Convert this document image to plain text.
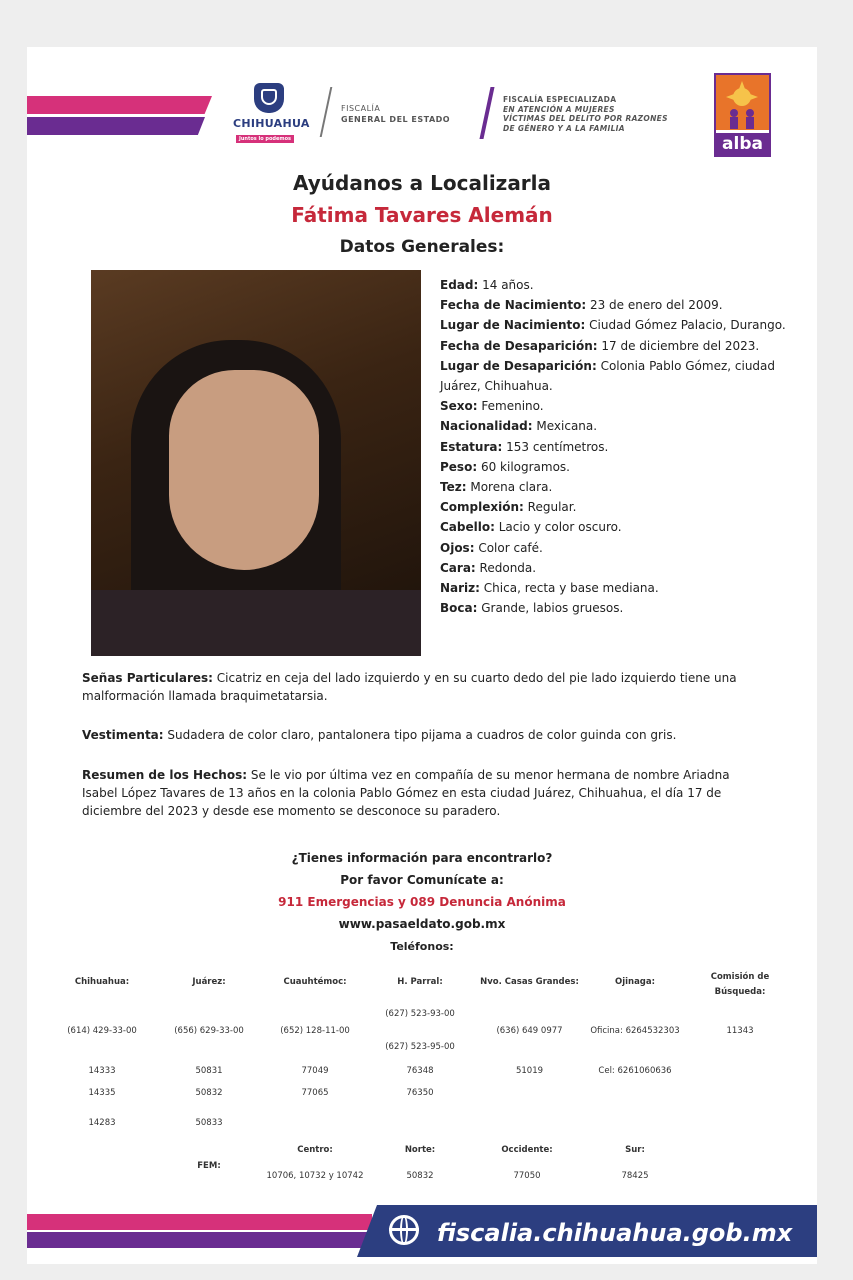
CHIHUAHUA
Juntos lo podemos
FISCALÍA
GENERAL DEL ESTADO
FISCALÍA ESPECIALIZADA
EN ATENCIÓN A MUJERES
VÍCTIMAS DEL DELITO POR RAZONES
DE GÉNERO Y A LA FAMILIA
alba
Ayúdanos a Localizarla
Fátima Tavares Alemán
Datos Generales:
Edad: 14 años.
Fecha de Nacimiento: 23 de enero del 2009.
Lugar de Nacimiento: Ciudad Gómez Palacio, Durango.
Fecha de Desaparición: 17 de diciembre del 2023.
Lugar de Desaparición: Colonia Pablo Gómez, ciudad Juárez, Chihuahua.
Sexo: Femenino.
Nacionalidad: Mexicana.
Estatura: 153 centímetros.
Peso: 60 kilogramos.
Tez: Morena clara.
Complexión: Regular.
Cabello: Lacio y color oscuro.
Ojos: Color café.
Cara: Redonda.
Nariz: Chica, recta y base mediana.
Boca: Grande, labios gruesos.
Señas Particulares: Cicatriz en ceja del lado izquierdo y en su cuarto dedo del pie lado izquierdo tiene una malformación llamada braquimetatarsia.
Vestimenta: Sudadera de color claro, pantalonera tipo pijama a cuadros de color guinda con gris.
Resumen de los Hechos: Se le vio por última vez en compañía de su menor hermana de nombre Ariadna Isabel López Tavares de 13 años en la colonia Pablo Gómez en esta ciudad Juárez, Chihuahua, el día 17 de diciembre del 2023 y desde ese momento se desconoce su paradero.
¿Tienes información para encontrarlo?
Por favor Comunícate a:
911 Emergencias y 089 Denuncia Anónima
www.pasaeldato.gob.mx
Teléfonos:
Chihuahua:
(614) 429-33-00
14333
14335
14283
Juárez:
(656) 629-33-00
50831
50832
50833
Cuauhtémoc:
(652) 128-11-00
77049
77065
H. Parral:
(627) 523-93-00
(627) 523-95-00
76348
76350
Nvo. Casas Grandes:
(636) 649 0977
51019
Ojinaga:
Oficina: 6264532303
Cel: 6261060636
Comisión de Búsqueda:
11343
FEM:
Centro:
10706, 10732 y 10742
Norte:
50832
Occidente:
77050
Sur:
78425
fiscalia.chihuahua.gob.mx
